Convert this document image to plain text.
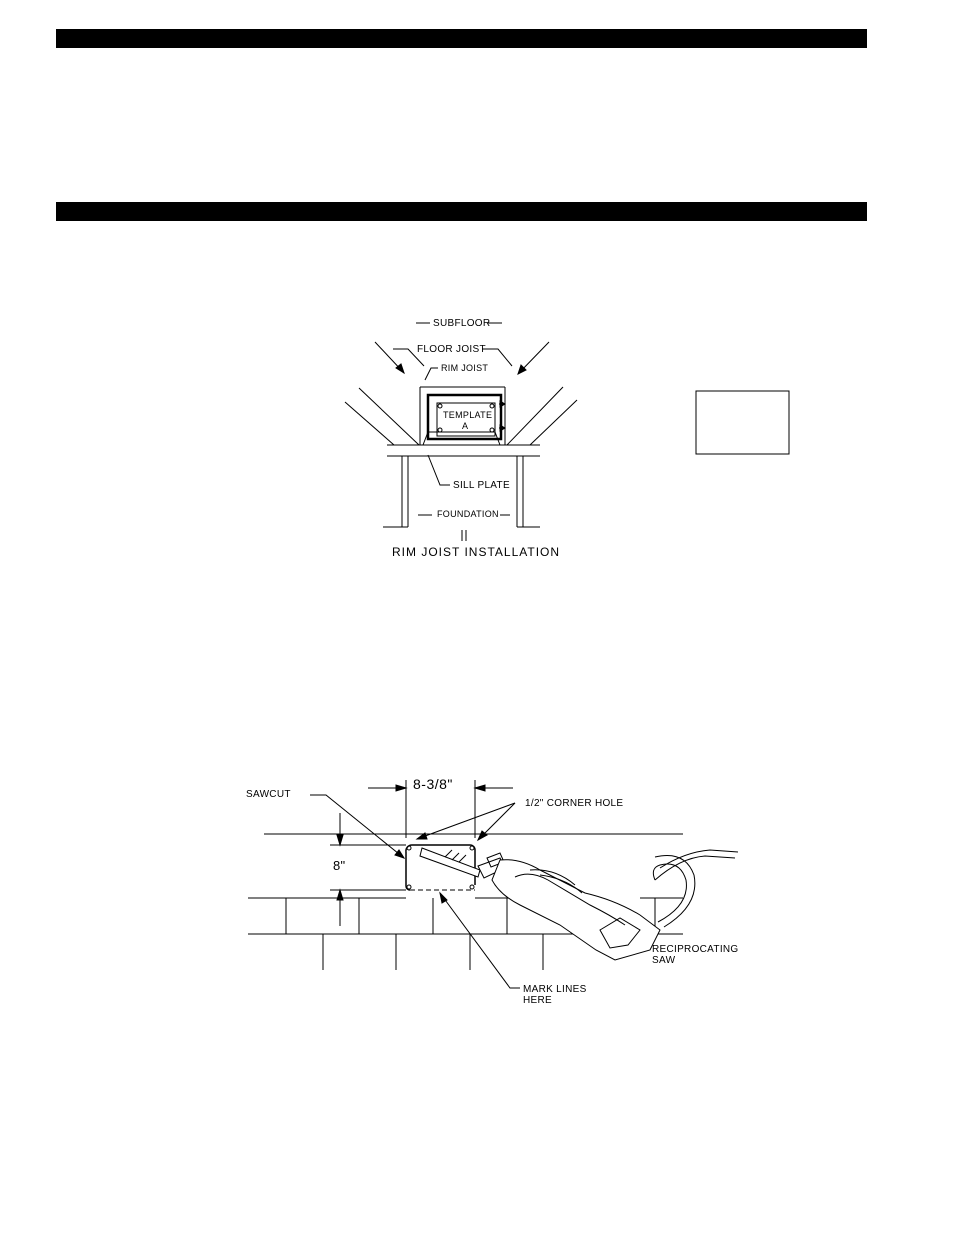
SUBFLOOR
FLOOR JOIST
RIM JOIST
TEMPLATE
A
SILL PLATE
FOUNDATION
RIM JOIST INSTALLATION
SAWCUT
8-3/8"
1/2" CORNER HOLE
8"
MARK LINES
HERE
RECIPROCATING
SAW
